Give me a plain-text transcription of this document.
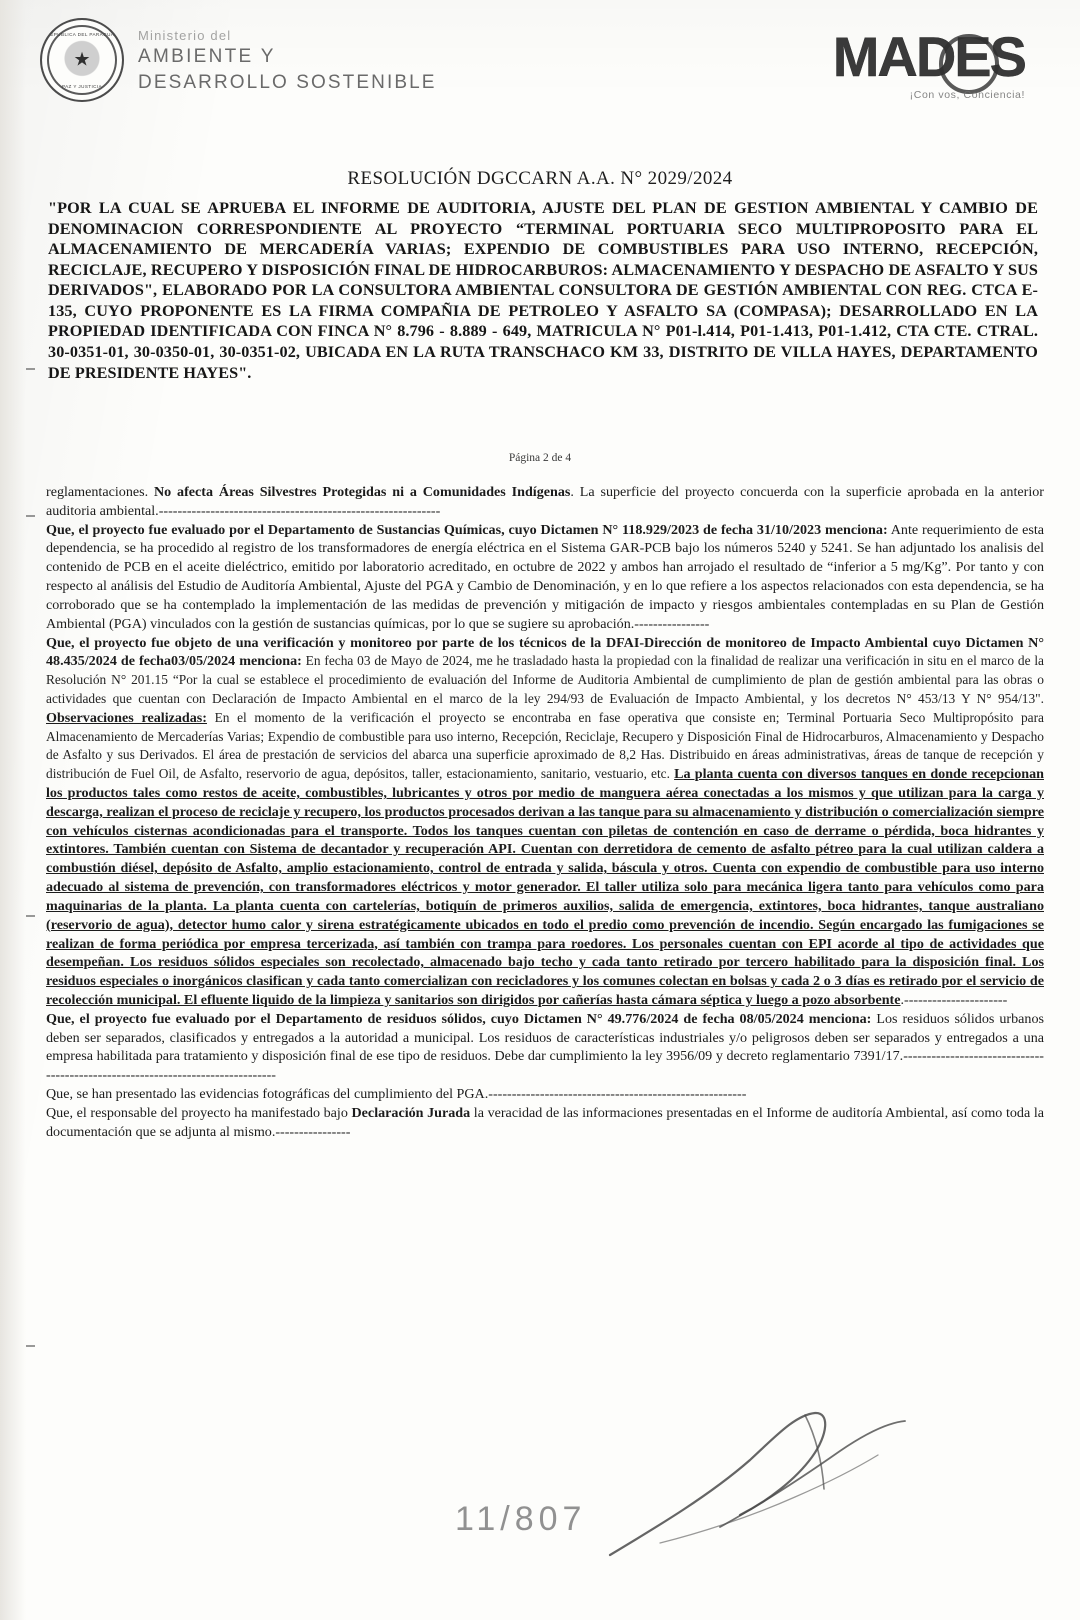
REPUBLICA DEL PARAGUAY
★
PAZ Y JUSTICIA
Ministerio del
AMBIENTE Y
DESARROLLO SOSTENIBLE	MADES
¡Con vos, Conciencia!
RESOLUCIÓN DGCCARN A.A. N° 2029/2024
"POR LA CUAL SE APRUEBA EL INFORME DE AUDITORIA, AJUSTE DEL PLAN DE GESTION AMBIENTAL Y CAMBIO DE DENOMINACION CORRESPONDIENTE AL PROYECTO “TERMINAL PORTUARIA SECO MULTIPROPOSITO PARA EL ALMACENAMIENTO DE MERCADERÍA VARIAS; EXPENDIO DE COMBUSTIBLES PARA USO INTERNO, RECEPCIÓN, RECICLAJE, RECUPERO Y DISPOSICIÓN FINAL DE HIDROCARBUROS: ALMACENAMIENTO Y DESPACHO DE ASFALTO Y SUS DERIVADOS", ELABORADO POR LA CONSULTORA AMBIENTAL CONSULTORA DE GESTIÓN AMBIENTAL CON REG. CTCA E-135, CUYO PROPONENTE ES LA FIRMA COMPAÑIA DE PETROLEO Y ASFALTO SA (COMPASA); DESARROLLADO EN LA PROPIEDAD IDENTIFICADA CON FINCA N° 8.796 - 8.889 - 649, MATRICULA N° P01-l.414, P01-1.413, P01-1.412, CTA CTE. CTRAL. 30-0351-01, 30-0350-01, 30-0351-02, UBICADA EN LA RUTA TRANSCHACO KM 33, DISTRITO DE VILLA HAYES, DEPARTAMENTO DE PRESIDENTE HAYES".
Página 2 de 4

reglamentaciones. No afecta Áreas Silvestres Protegidas ni a Comunidades Indígenas. La superficie del proyecto concuerda con la superficie aprobada en la anterior auditoria ambiental.------------------------------------------------------------

Que, el proyecto fue evaluado por el Departamento de Sustancias Químicas, cuyo Dictamen N° 118.929/2023 de fecha 31/10/2023 menciona: Ante requerimiento de esta dependencia, se ha procedido al registro de los transformadores de energía eléctrica en el Sistema GAR-PCB bajo los números 5240 y 5241. Se han adjuntado los analisis del contenido de PCB en el aceite dieléctrico, emitido por laboratorio acreditado, en octubre de 2022 y ambos han arrojado el resultado de “inferior a 5 mg/Kg”. Por tanto y con respecto al análisis del Estudio de Auditoría Ambiental, Ajuste del PGA y Cambio de Denominación, y en lo que refiere a los aspectos relacionados con esta dependencia, se ha corroborado que se ha contemplado la implementación de las medidas de prevención y mitigación de impacto y riesgos ambientales contempladas en su Plan de Gestión Ambiental (PGA) vinculados con la gestión de sustancias químicas, por lo que se sugiere su aprobación.----------------

Que, el proyecto fue objeto de una verificación y monitoreo por parte de los técnicos de la DFAI-Dirección de monitoreo de Impacto Ambiental cuyo Dictamen N° 48.435/2024 de fecha03/05/2024 menciona: En fecha 03 de Mayo de 2024, me he trasladado hasta la propiedad con la finalidad de realizar una verificación in situ en el marco de la Resolución N° 201.15 “Por la cual se establece el procedimiento de evaluación del Informe de Auditoria Ambiental de cumplimiento de plan de gestión ambiental para las obras o actividades que cuentan con Declaración de Impacto Ambiental en el marco de la ley 294/93 de Evaluación de Impacto Ambiental, y los decretos N° 453/13 Y N° 954/13". Observaciones realizadas: En el momento de la verificación el proyecto se encontraba en fase operativa que consiste en; Terminal Portuaria Seco Multipropósito para Almacenamiento de Mercaderías Varias; Expendio de combustible para uso interno, Recepción, Reciclaje, Recupero y Disposición Final de Hidrocarburos, Almacenamiento y Despacho de Asfalto y sus Derivados. El área de prestación de servicios del abarca una superficie aproximado de 8,2 Has. Distribuido en áreas administrativas, áreas de tanque de recepción y distribución de Fuel Oil, de Asfalto, reservorio de agua, depósitos, taller, estacionamiento, sanitario, vestuario, etc. La planta cuenta con diversos tanques en donde recepcionan los productos tales como restos de aceite, combustibles, lubricantes y otros por medio de manguera aérea conectadas a los mismos y que utilizan para la carga y descarga, realizan el proceso de reciclaje y recupero, los productos procesados derivan a las tanque para su almacenamiento y distribución o comercialización siempre con vehículos cisternas acondicionadas para el transporte. Todos los tanques cuentan con piletas de contención en caso de derrame o pérdida, boca hidrantes y extintores. También cuentan con Sistema de decantador y recuperación API. Cuentan con derretidora de cemento de asfalto pétreo para la cual utilizan caldera a combustión diésel, depósito de Asfalto, amplio estacionamiento, control de entrada y salida, báscula y otros. Cuenta con expendio de combustible para uso interno adecuado al sistema de prevención, con transformadores eléctricos y motor generador. El taller utiliza solo para mecánica ligera tanto para vehículos como para maquinarias de la planta. La planta cuenta con cartelerías, botiquín de primeros auxilios, salida de emergencia, extintores, boca hidrantes, tanque australiano (reservorio de agua), detector humo calor y sirena estratégicamente ubicados en todo el predio como prevención de incendio. Según encargado las fumigaciones se realizan de forma periódica por empresa tercerizada, así también con trampa para roedores. Los personales cuentan con EPI acorde al tipo de actividades que desempeñan. Los residuos sólidos especiales son recolectado, almacenado bajo techo y cada tanto retirado por tercero habilitado para la disposición final. Los residuos especiales o inorgánicos clasifican y cada tanto comercializan con recicladores y los comunes colectan en bolsas y cada 2 o 3 días es retirado por el servicio de recolección municipal. El efluente liquido de la limpieza y sanitarios son dirigidos por cañerías hasta cámara séptica y luego a pozo absorbente.----------------------

Que, el proyecto fue evaluado por el Departamento de residuos sólidos, cuyo Dictamen N° 49.776/2024 de fecha 08/05/2024 menciona: Los residuos sólidos urbanos deben ser separados, clasificados y entregados a la autoridad a municipal. Los residuos de características industriales y/o peligrosos deben ser separados y entregados a una empresa habilitada para tratamiento y disposición final de ese tipo de residuos. Debe dar cumplimiento la ley 3956/09 y decreto reglamentario 7391/17.-------------------------------------------------------------------------------

Que, se han presentado las evidencias fotográficas del cumplimiento del PGA.-------------------------------------------------------

Que, el responsable del proyecto ha manifestado bajo Declaración Jurada la veracidad de las informaciones presentadas en el Informe de auditoría Ambiental, así como toda la documentación que se adjunta al mismo.----------------

11/807
